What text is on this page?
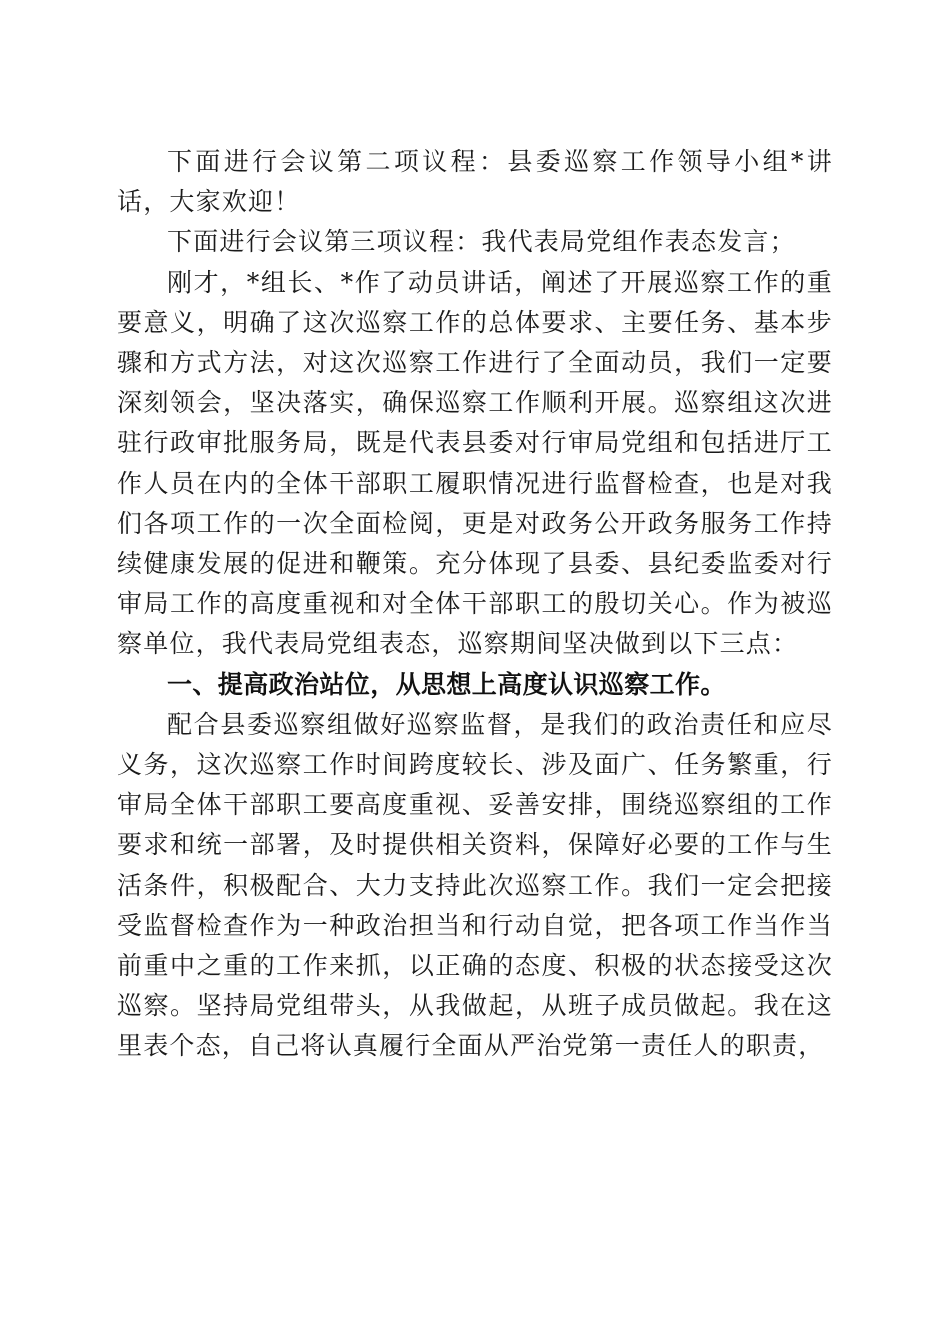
下面进行会议第二项议程：县委巡察工作领导小组*讲话，大家欢迎！

下面进行会议第三项议程：我代表局党组作表态发言；

刚才，*组长、*作了动员讲话，阐述了开展巡察工作的重要意义，明确了这次巡察工作的总体要求、主要任务、基本步骤和方式方法，对这次巡察工作进行了全面动员，我们一定要深刻领会，坚决落实，确保巡察工作顺利开展。巡察组这次进驻行政审批服务局，既是代表县委对行审局党组和包括进厅工作人员在内的全体干部职工履职情况进行监督检查，也是对我们各项工作的一次全面检阅，更是对政务公开政务服务工作持续健康发展的促进和鞭策。充分体现了县委、县纪委监委对行审局工作的高度重视和对全体干部职工的殷切关心。作为被巡察单位，我代表局党组表态，巡察期间坚决做到以下三点：

一、提高政治站位，从思想上高度认识巡察工作。

配合县委巡察组做好巡察监督，是我们的政治责任和应尽义务，这次巡察工作时间跨度较长、涉及面广、任务繁重，行审局全体干部职工要高度重视、妥善安排，围绕巡察组的工作要求和统一部署，及时提供相关资料，保障好必要的工作与生活条件，积极配合、大力支持此次巡察工作。我们一定会把接受监督检查作为一种政治担当和行动自觉，把各项工作当作当前重中之重的工作来抓，以正确的态度、积极的状态接受这次巡察。坚持局党组带头，从我做起，从班子成员做起。我在这里表个态，自己将认真履行全面从严治党第一责任人的职责，
